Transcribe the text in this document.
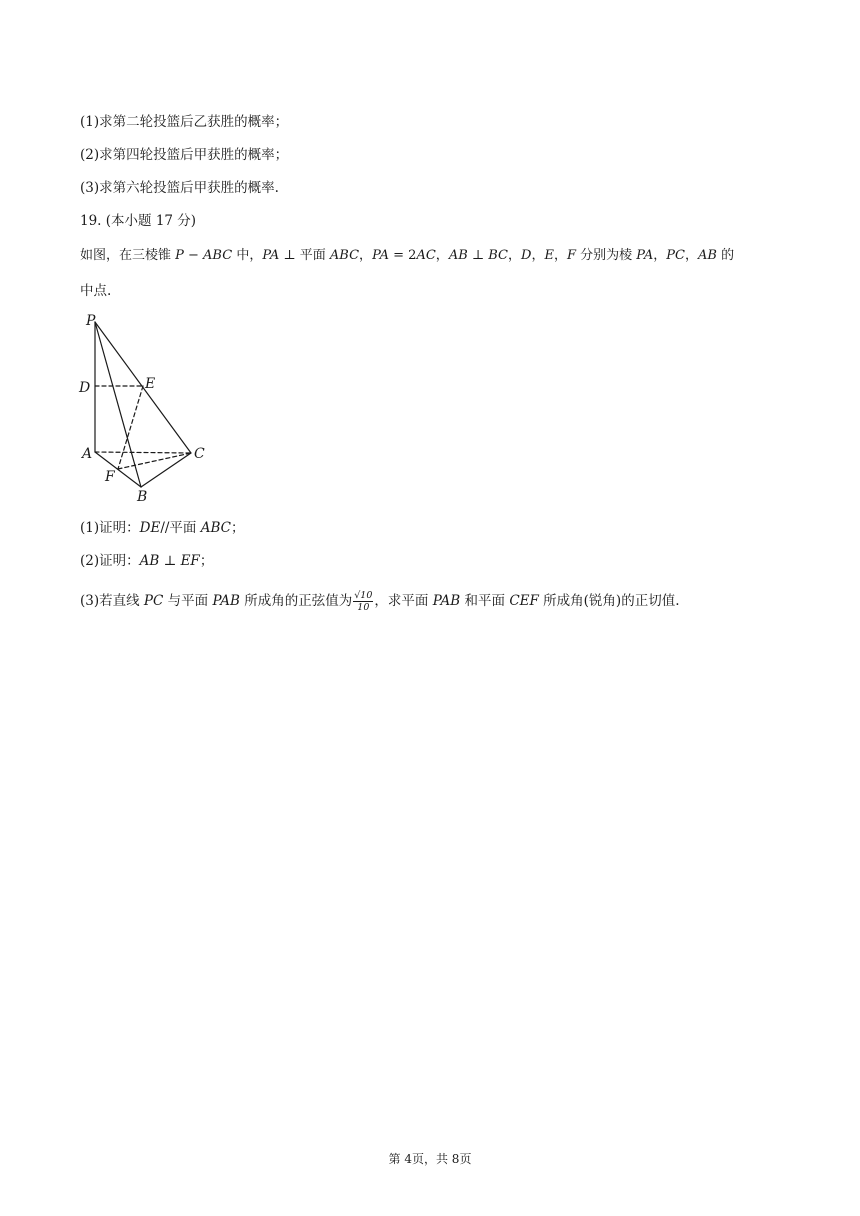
(1)求第二轮投篮后乙获胜的概率；
(2)求第四轮投篮后甲获胜的概率；
(3)求第六轮投篮后甲获胜的概率.
19. (本小题 17 分)
如图，在三棱锥 P − ABC 中，PA ⊥ 平面 ABC，PA = 2AC，AB ⊥ BC，D，E，F 分别为棱 PA，PC，AB 的
中点.
P
D	E
A	C
F
B
(1)证明：DE//平面 ABC；
(2)证明：AB ⊥ EF；
(3)若直线 PC 与平面 PAB 所成角的正弦值为 $\frac{√10}{10}$ ，求平面 PAB 和平面 CEF 所成角(锐角)的正切值.
第 4页，共 8页
